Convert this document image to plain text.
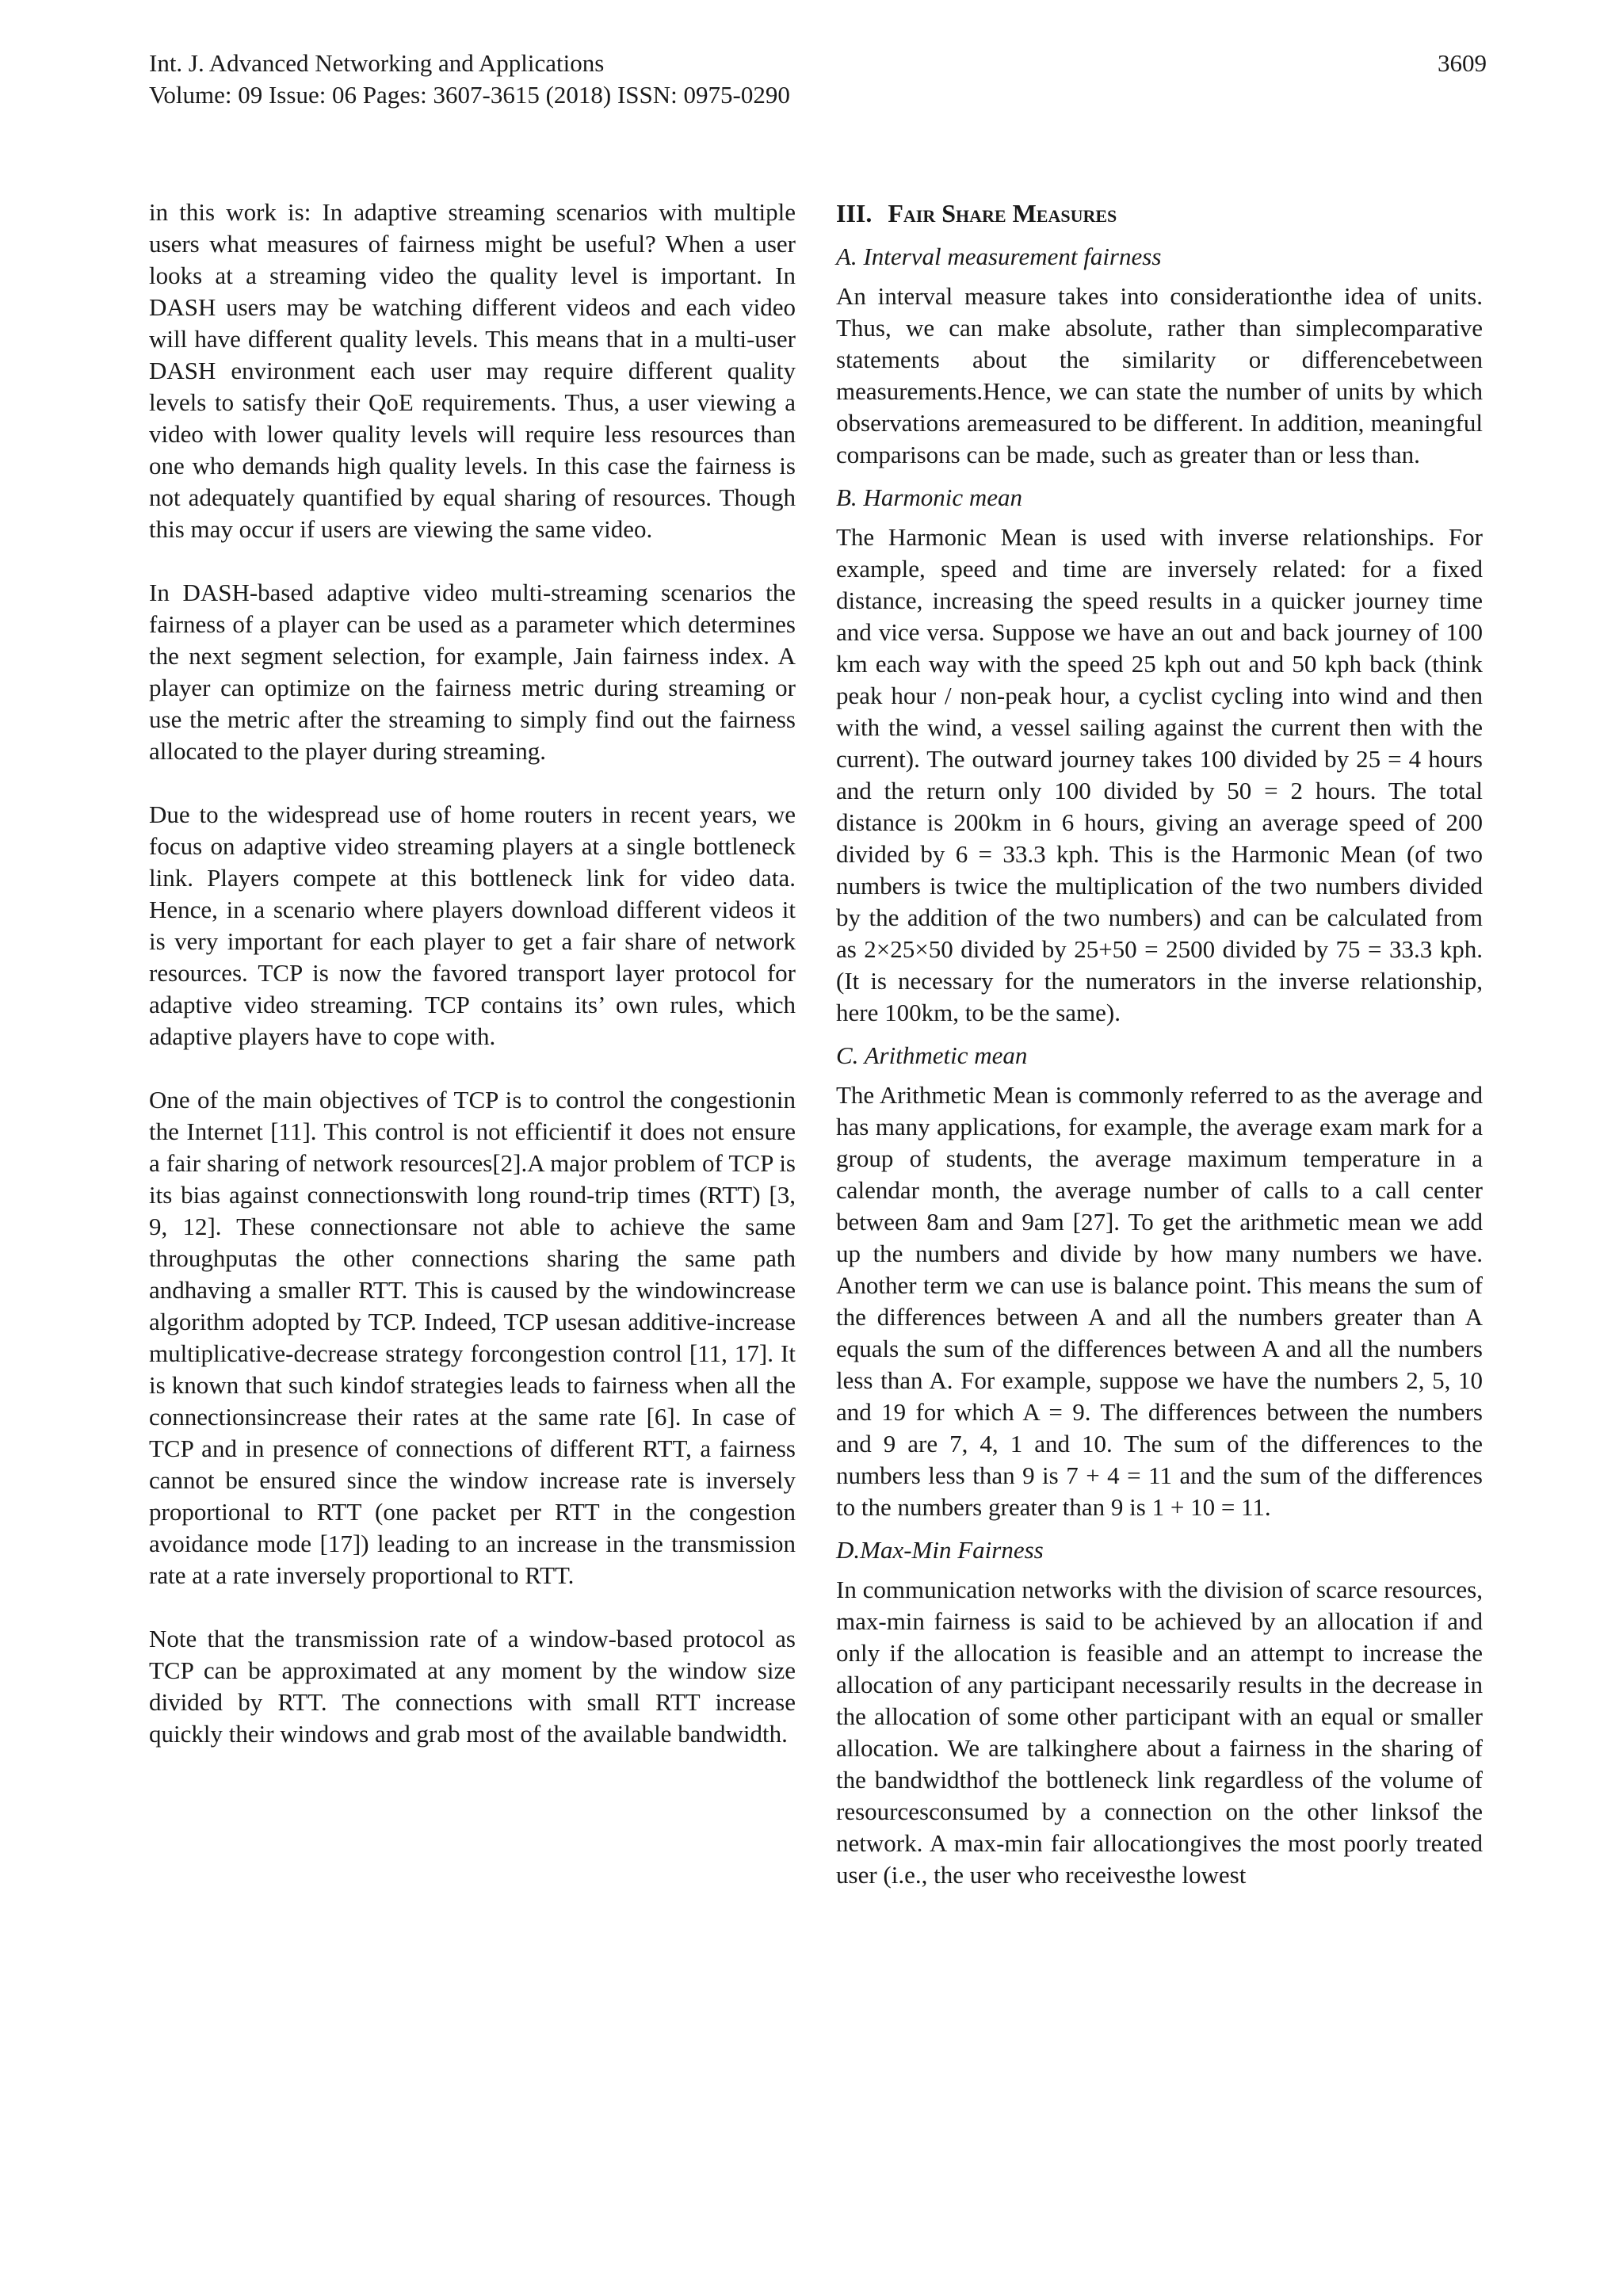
Int. J. Advanced Networking and Applications
Volume: 09 Issue: 06 Pages: 3607-3615 (2018) ISSN: 0975-0290
3609

in this work is: In adaptive streaming scenarios with multiple users what measures of fairness might be useful? When a user looks at a streaming video the quality level is important. In DASH users may be watching different videos and each video will have different quality levels. This means that in a multi-user DASH environment each user may require different quality levels to satisfy their QoE requirements. Thus, a user viewing a video with lower quality levels will require less resources than one who demands high quality levels. In this case the fairness is not adequately quantified by equal sharing of resources. Though this may occur if users are viewing the same video.

In DASH-based adaptive video multi-streaming scenarios the fairness of a player can be used as a parameter which determines the next segment selection, for example, Jain fairness index. A player can optimize on the fairness metric during streaming or use the metric after the streaming to simply find out the fairness allocated to the player during streaming.

Due to the widespread use of home routers in recent years, we focus on adaptive video streaming players at a single bottleneck link. Players compete at this bottleneck link for video data. Hence, in a scenario where players download different videos it is very important for each player to get a fair share of network resources. TCP is now the favored transport layer protocol for adaptive video streaming. TCP contains its’ own rules, which adaptive players have to cope with.

One of the main objectives of TCP is to control the congestionin the Internet [11]. This control is not efficientif it does not ensure a fair sharing of network resources[2].A major problem of TCP is its bias against connectionswith long round-trip times (RTT) [3, 9, 12]. These connectionsare not able to achieve the same throughputas the other connections sharing the same path andhaving a smaller RTT. This is caused by the windowincrease algorithm adopted by TCP. Indeed, TCP usesan additive-increase multiplicative-decrease strategy forcongestion control [11, 17]. It is known that such kindof strategies leads to fairness when all the connectionsincrease their rates at the same rate [6]. In case of TCP and in presence of connections of different RTT, a fairness cannot be ensured since the window increase rate is inversely proportional to RTT (one packet per RTT in the congestion avoidance mode [17]) leading to an increase in the transmission rate at a rate inversely proportional to RTT.

Note that the transmission rate of a window-based protocol as TCP can be approximated at any moment by the window size divided by RTT. The connections with small RTT increase quickly their windows and grab most of the available bandwidth.

III. Fair Share Measures
A. Interval measurement fairness

An interval measure takes into considerationthe idea of units. Thus, we can make absolute, rather than simplecomparative statements about the similarity or differencebetween measurements.Hence, we can state the number of units by which observations aremeasured to be different. In addition, meaningful comparisons can be made, such as greater than or less than.

B. Harmonic mean

The Harmonic Mean is used with inverse relationships. For example, speed and time are inversely related: for a fixed distance, increasing the speed results in a quicker journey time and vice versa. Suppose we have an out and back journey of 100 km each way with the speed 25 kph out and 50 kph back (think peak hour / non-peak hour, a cyclist cycling into wind and then with the wind, a vessel sailing against the current then with the current). The outward journey takes 100 divided by 25 = 4 hours and the return only 100 divided by 50 = 2 hours. The total distance is 200km in 6 hours, giving an average speed of 200 divided by 6 = 33.3 kph. This is the Harmonic Mean (of two numbers is twice the multiplication of the two numbers divided by the addition of the two numbers) and can be calculated from as 2×25×50 divided by 25+50 = 2500 divided by 75 = 33.3 kph. (It is necessary for the numerators in the inverse relationship, here 100km, to be the same).

C. Arithmetic mean

The Arithmetic Mean is commonly referred to as the average and has many applications, for example, the average exam mark for a group of students, the average maximum temperature in a calendar month, the average number of calls to a call center between 8am and 9am [27]. To get the arithmetic mean we add up the numbers and divide by how many numbers we have. Another term we can use is balance point. This means the sum of the differences between A and all the numbers greater than A equals the sum of the differences between A and all the numbers less than A. For example, suppose we have the numbers 2, 5, 10 and 19 for which A = 9. The differences between the numbers and 9 are 7, 4, 1 and 10. The sum of the differences to the numbers less than 9 is 7 + 4 = 11 and the sum of the differences to the numbers greater than 9 is 1 + 10 = 11.

D.Max-Min Fairness

In communication networks with the division of scarce resources, max-min fairness is said to be achieved by an allocation if and only if the allocation is feasible and an attempt to increase the allocation of any participant necessarily results in the decrease in the allocation of some other participant with an equal or smaller allocation. We are talkinghere about a fairness in the sharing of the bandwidthof the bottleneck link regardless of the volume of resourcesconsumed by a connection on the other linksof the network. A max-min fair allocationgives the most poorly treated user (i.e., the user who receivesthe lowest
